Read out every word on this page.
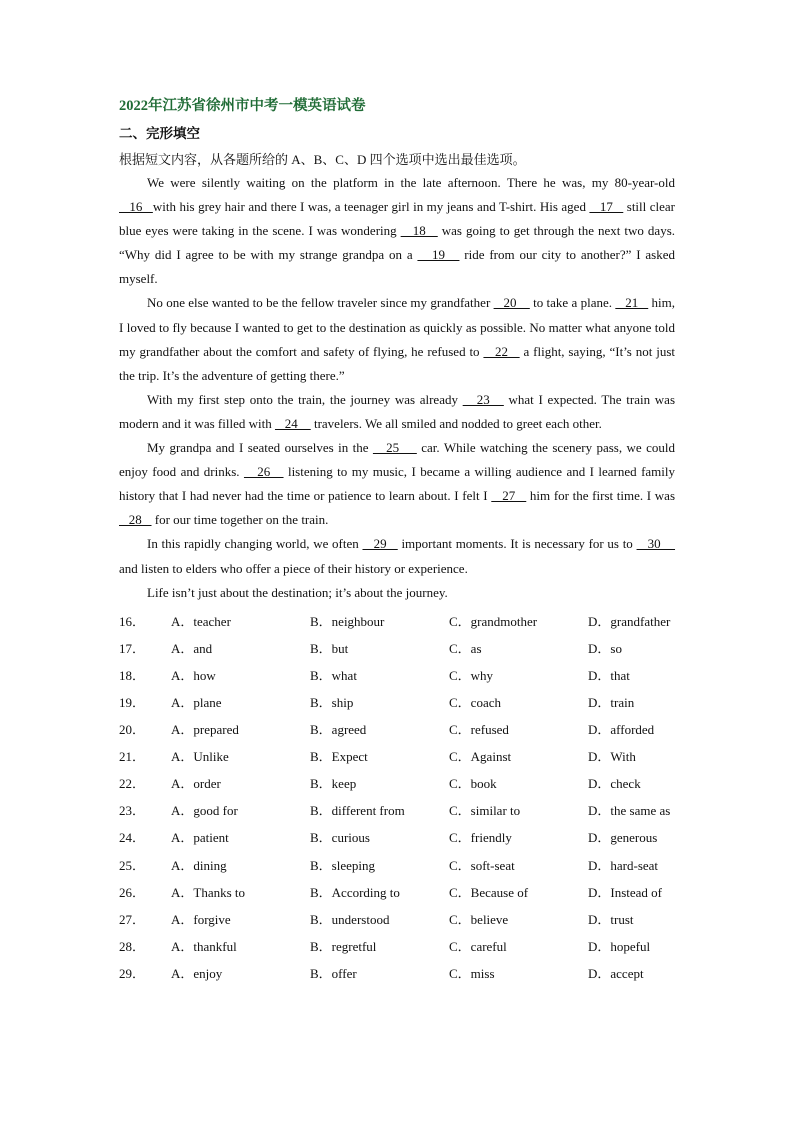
2022年江苏省徐州市中考一模英语试卷
二、完形填空
根据短文内容，从各题所给的 A、B、C、D 四个选项中选出最佳选项。

We were silently waiting on the platform in the late afternoon. There he was, my 80-year-old    16   with his grey hair and there I was, a teenager girl in my jeans and T-shirt. His aged    17    still clear blue eyes were taking in the scene. I was wondering    18    was going to get through the next two days. “Why did I agree to be with my strange grandpa on a    19    ride from our city to another?” I asked myself.

No one else wanted to be the fellow traveler since my grandfather    20     to take a plane.    21    him, I loved to fly because I wanted to get to the destination as quickly as possible. No matter what anyone told my grandfather about the comfort and safety of flying, he refused to    22    a flight, saying, “It’s not just the trip. It’s the adventure of getting there.”

With my first step onto the train, the journey was already    23    what I expected. The train was modern and it was filled with    24     travelers. We all smiled and nodded to greet each other.

My grandpa and I seated ourselves in the    25     car. While watching the scenery pass, we could enjoy food and drinks.    26    listening to my music, I became a willing audience and I learned family history that I had never had the time or patience to learn about. I felt I    27    him for the first time. I was    28    for our time together on the train.

In this rapidly changing world, we often    29    important moments. It is necessary for us to    30     and listen to elders who offer a piece of their history or experience.

Life isn’t just about the destination; it’s about the journey.

16．	A．teacher	B．neighbour	C．grandmother	D．grandfather
17．	A．and	B．but	C．as	D．so
18．	A．how	B．what	C．why	D．that
19．	A．plane	B．ship	C．coach	D．train
20．	A．prepared	B．agreed	C．refused	D．afforded
21．	A．Unlike	B．Expect	C．Against	D．With
22．	A．order	B．keep	C．book	D．check
23．	A．good for	B．different from	C．similar to	D．the same as
24．	A．patient	B．curious	C．friendly	D．generous
25．	A．dining	B．sleeping	C．soft-seat	D．hard-seat
26．	A．Thanks to	B．According to	C．Because of	D．Instead of
27．	A．forgive	B．understood	C．believe	D．trust
28．	A．thankful	B．regretful	C．careful	D．hopeful
29．	A．enjoy	B．offer	C．miss	D．accept
